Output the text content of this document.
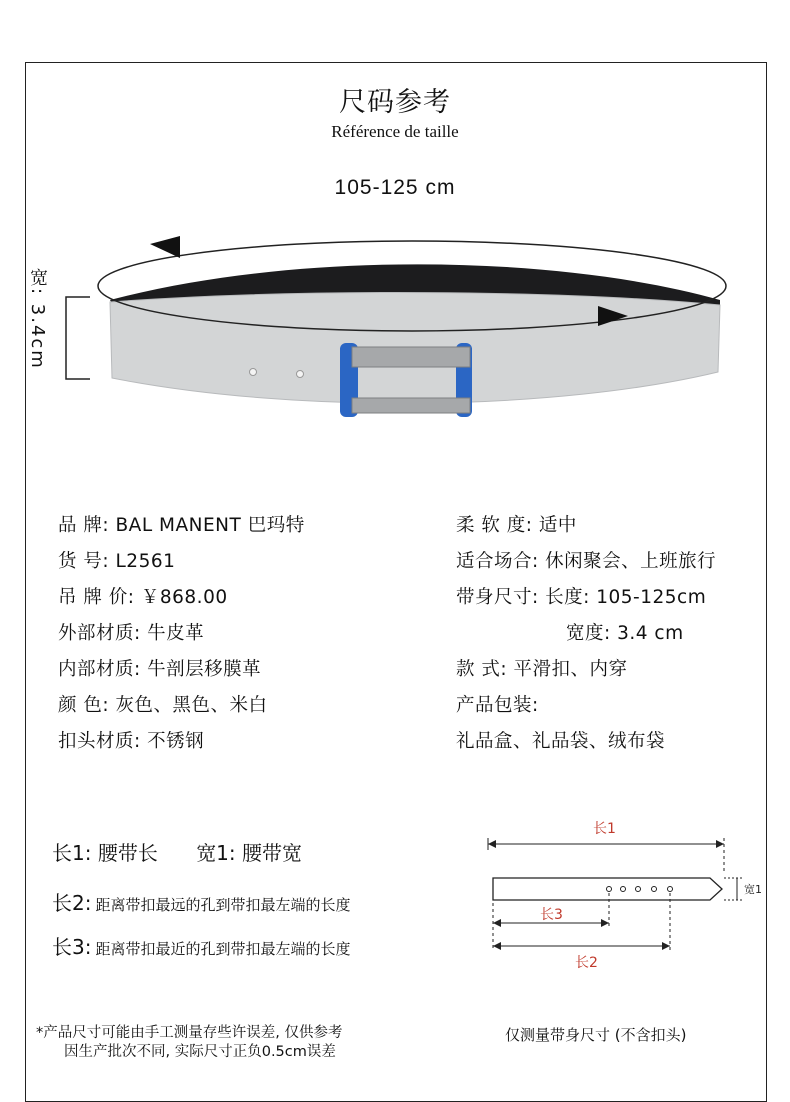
尺码参考
Référence de taille
105-125 cm
宽: 3.4cm
品 牌: BAL MANENT 巴玛特
货 号: L2561
吊 牌 价: ￥868.00
外部材质: 牛皮革
内部材质: 牛剖层移膜革
颜 色: 灰色、黑色、米白
扣头材质: 不锈钢
柔 软 度: 适中
适合场合: 休闲聚会、上班旅行
带身尺寸: 长度: 105-125cm
宽度: 3.4 cm
款 式: 平滑扣、内穿
产品包装:
礼品盒、礼品袋、绒布袋
长1: 腰带长 宽1: 腰带宽
长2: 距离带扣最远的孔到带扣最左端的长度
长3: 距离带扣最近的孔到带扣最左端的长度
长1
长3
长2
宽1
*产品尺寸可能由手工测量存些许误差, 仅供参考
因生产批次不同, 实际尺寸正负0.5cm误差
仅测量带身尺寸 (不含扣头)
